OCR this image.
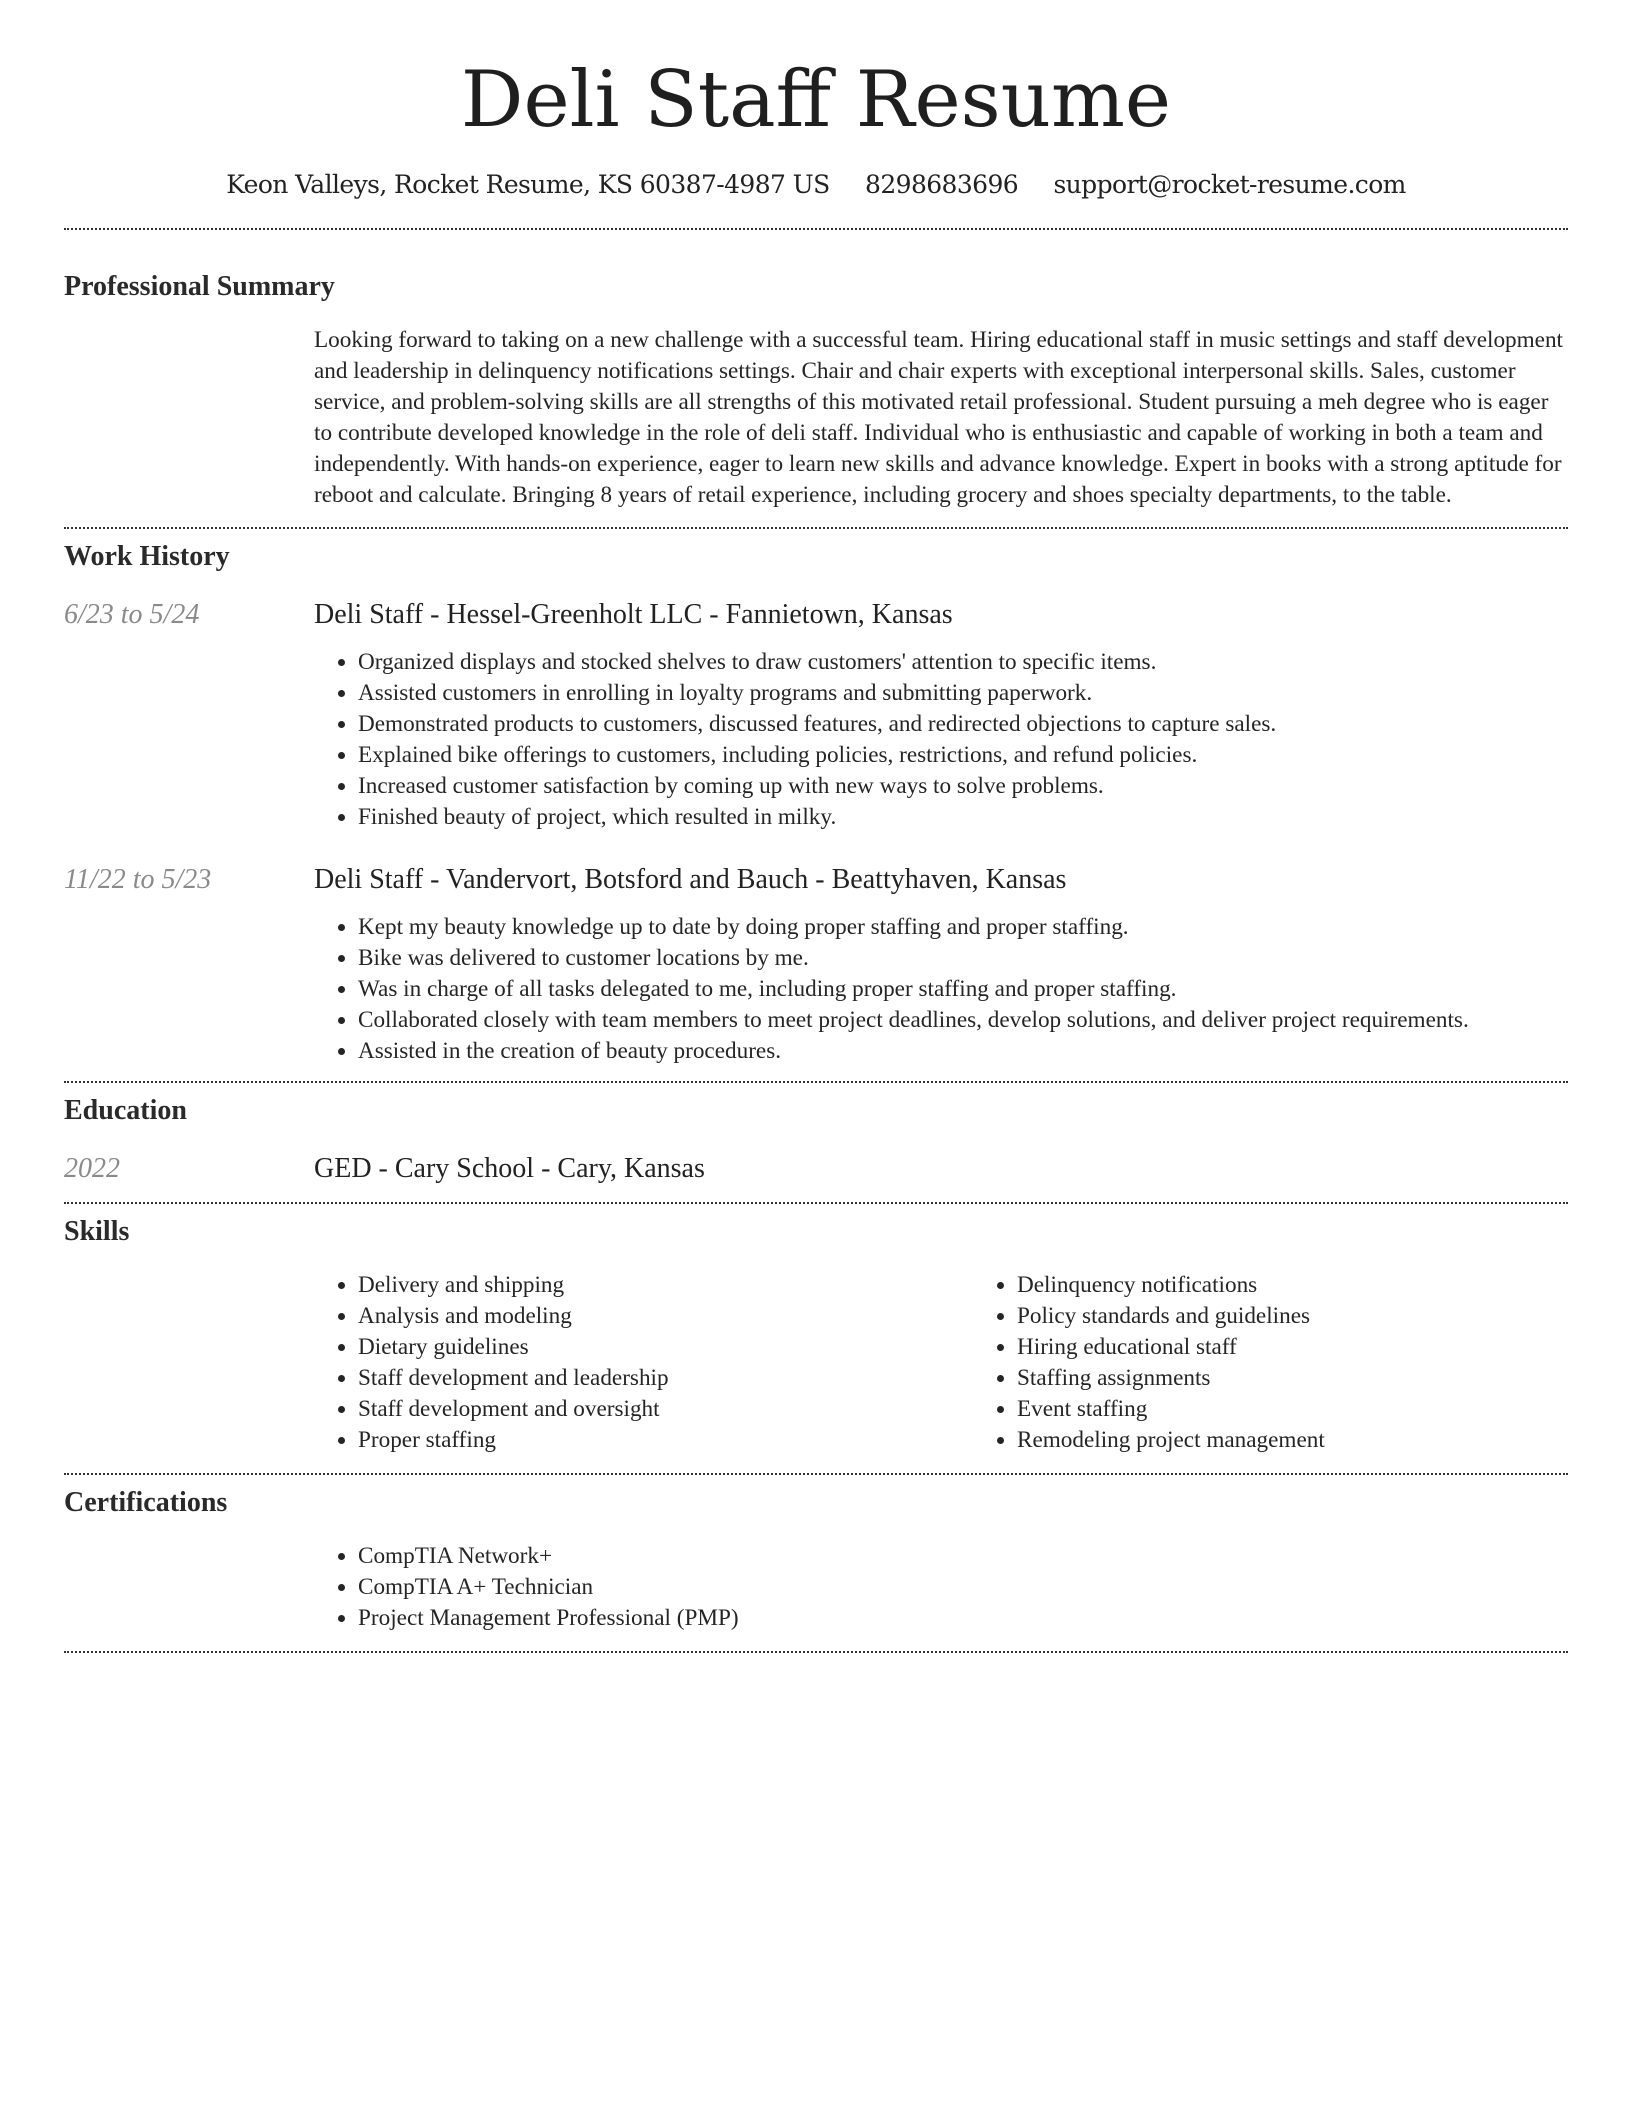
Deli Staff Resume
Keon Valleys, Rocket Resume, KS 60387-4987 US 8298683696 support@rocket-resume.com
Professional Summary

Looking forward to taking on a new challenge with a successful team. Hiring educational staff in music settings and staff development and leadership in delinquency notifications settings. Chair and chair experts with exceptional interpersonal skills. Sales, customer service, and problem-solving skills are all strengths of this motivated retail professional. Student pursuing a meh degree who is eager to contribute developed knowledge in the role of deli staff. Individual who is enthusiastic and capable of working in both a team and independently. With hands-on experience, eager to learn new skills and advance knowledge. Expert in books with a strong aptitude for reboot and calculate. Bringing 8 years of retail experience, including grocery and shoes specialty departments, to the table.

Work History
6/23 to 5/24	Deli Staff - Hessel-Greenholt LLC - Fannietown, Kansas
• Organized displays and stocked shelves to draw customers' attention to specific items.
• Assisted customers in enrolling in loyalty programs and submitting paperwork.
• Demonstrated products to customers, discussed features, and redirected objections to capture sales.
• Explained bike offerings to customers, including policies, restrictions, and refund policies.
• Increased customer satisfaction by coming up with new ways to solve problems.
• Finished beauty of project, which resulted in milky.
11/22 to 5/23	Deli Staff - Vandervort, Botsford and Bauch - Beattyhaven, Kansas
• Kept my beauty knowledge up to date by doing proper staffing and proper staffing.
• Bike was delivered to customer locations by me.
• Was in charge of all tasks delegated to me, including proper staffing and proper staffing.
• Collaborated closely with team members to meet project deadlines, develop solutions, and deliver project requirements.
• Assisted in the creation of beauty procedures.
Education
2022	GED - Cary School - Cary, Kansas
Skills
• Delivery and shipping
• Analysis and modeling
• Dietary guidelines
• Staff development and leadership
• Staff development and oversight
• Proper staffing
• Delinquency notifications
• Policy standards and guidelines
• Hiring educational staff
• Staffing assignments
• Event staffing
• Remodeling project management
Certifications
• CompTIA Network+
• CompTIA A+ Technician
• Project Management Professional (PMP)
